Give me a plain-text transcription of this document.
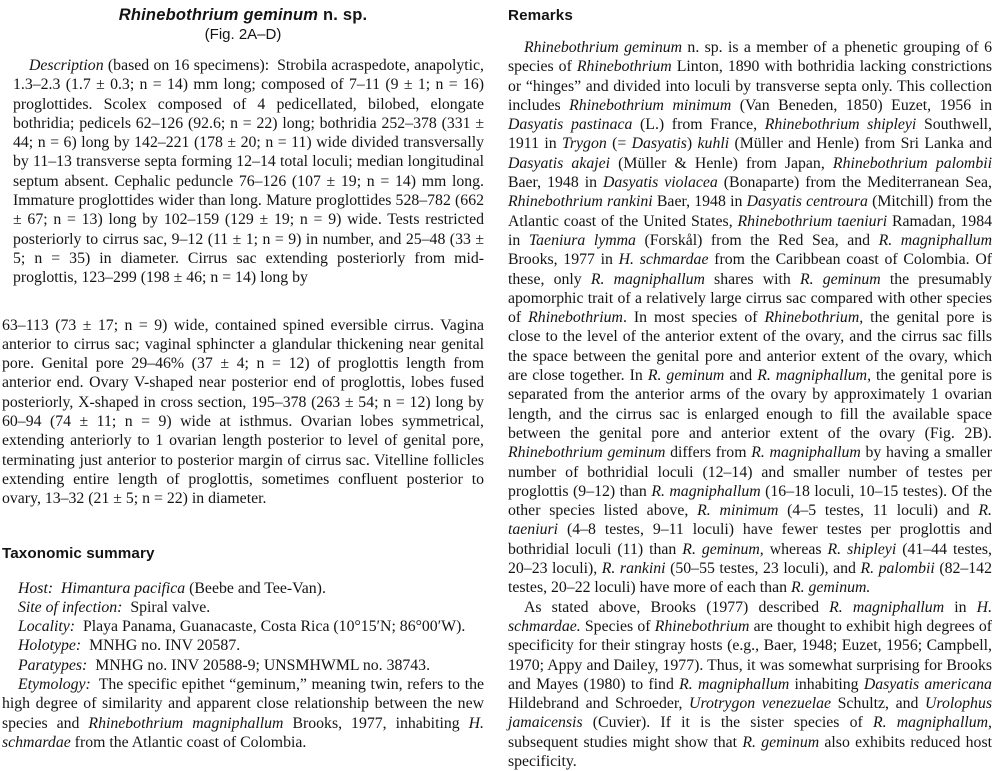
Rhinebothrium geminum n. sp.
(Fig. 2A–D)

Description (based on 16 specimens): Strobila acraspedote, anapolytic, 1.3–2.3 (1.7 ± 0.3; n = 14) mm long; composed of 7–11 (9 ± 1; n = 16) proglottides. Scolex composed of 4 pedicellated, bilobed, elongate bothridia; pedicels 62–126 (92.6; n = 22) long; bothridia 252–378 (331 ± 44; n = 6) long by 142–221 (178 ± 20; n = 11) wide divided transversally by 11–13 transverse septa forming 12–14 total loculi; median longitudinal septum absent. Cephalic peduncle 76–126 (107 ± 19; n = 14) mm long. Immature proglottides wider than long. Mature proglottides 528–782 (662 ± 67; n = 13) long by 102–159 (129 ± 19; n = 9) wide. Tests restricted posteriorly to cirrus sac, 9–12 (11 ± 1; n = 9) in number, and 25–48 (33 ± 5; n = 35) in diameter. Cirrus sac extending posteriorly from mid-proglottis, 123–299 (198 ± 46; n = 14) long by

63–113 (73 ± 17; n = 9) wide, contained spined eversible cirrus. Vagina anterior to cirrus sac; vaginal sphincter a glandular thickening near genital pore. Genital pore 29–46% (37 ± 4; n = 12) of proglottis length from anterior end. Ovary V-shaped near posterior end of proglottis, lobes fused posteriorly, X-shaped in cross section, 195–378 (263 ± 54; n = 12) long by 60–94 (74 ± 11; n = 9) wide at isthmus. Ovarian lobes symmetrical, extending anteriorly to 1 ovarian length posterior to level of genital pore, terminating just anterior to posterior margin of cirrus sac. Vitelline follicles extending entire length of proglottis, sometimes confluent posterior to ovary, 13–32 (21 ± 5; n = 22) in diameter.

Taxonomic summary

Host:  Himantura pacifica (Beebe and Tee-Van).

Site of infection: Spiral valve.

Locality: Playa Panama, Guanacaste, Costa Rica (10°15′N; 86°00′W).

Holotype: MNHG no. INV 20587.

Paratypes: MNHG no. INV 20588-9; UNSMHWML no. 38743.

Etymology: The specific epithet “geminum,” meaning twin, refers to the high degree of similarity and apparent close relationship between the new species and Rhinebothrium magniphallum Brooks, 1977, inhabiting H. schmardae from the Atlantic coast of Colombia.

Remarks

Rhinebothrium geminum n. sp. is a member of a phenetic grouping of 6 species of Rhinebothrium Linton, 1890 with bothridia lacking constrictions or “hinges” and divided into loculi by transverse septa only. This collection includes Rhinebothrium minimum (Van Beneden, 1850) Euzet, 1956 in Dasyatis pastinaca (L.) from France, Rhinebothrium shipleyi Southwell, 1911 in Trygon (= Dasyatis) kuhli (Müller and Henle) from Sri Lanka and Dasyatis akajei (Müller & Henle) from Japan, Rhinebothrium palombii Baer, 1948 in Dasyatis violacea (Bonaparte) from the Mediterranean Sea, Rhinebothrium rankini Baer, 1948 in Dasyatis centroura (Mitchill) from the Atlantic coast of the United States, Rhinebothrium taeniuri Ramadan, 1984 in Taeniura lymma (Forskål) from the Red Sea, and R. magniphallum Brooks, 1977 in H. schmardae from the Caribbean coast of Colombia. Of these, only R. magniphallum shares with R. geminum the presumably apomorphic trait of a relatively large cirrus sac compared with other species of Rhinebothrium. In most species of Rhinebothrium, the genital pore is close to the level of the anterior extent of the ovary, and the cirrus sac fills the space between the genital pore and anterior extent of the ovary, which are close together. In R. geminum and R. magniphallum, the genital pore is separated from the anterior arms of the ovary by approximately 1 ovarian length, and the cirrus sac is enlarged enough to fill the available space between the genital pore and anterior extent of the ovary (Fig. 2B). Rhinebothrium geminum differs from R. magniphallum by having a smaller number of bothridial loculi (12–14) and smaller number of testes per proglottis (9–12) than R. magniphallum (16–18 loculi, 10–15 testes). Of the other species listed above, R. minimum (4–5 testes, 11 loculi) and R. taeniuri (4–8 testes, 9–11 loculi) have fewer testes per proglottis and bothridial loculi (11) than R. geminum, whereas R. shipleyi (41–44 testes, 20–23 loculi), R. rankini (50–55 testes, 23 loculi), and R. palombii (82–142 testes, 20–22 loculi) have more of each than R. geminum.

As stated above, Brooks (1977) described R. magniphallum in H. schmardae. Species of Rhinebothrium are thought to exhibit high degrees of specificity for their stingray hosts (e.g., Baer, 1948; Euzet, 1956; Campbell, 1970; Appy and Dailey, 1977). Thus, it was somewhat surprising for Brooks and Mayes (1980) to find R. magniphallum inhabiting Dasyatis americana Hildebrand and Schroeder, Urotrygon venezuelae Schultz, and Urolophus jamaicensis (Cuvier). If it is the sister species of R. magniphallum, subsequent studies might show that R. geminum also exhibits reduced host specificity.
